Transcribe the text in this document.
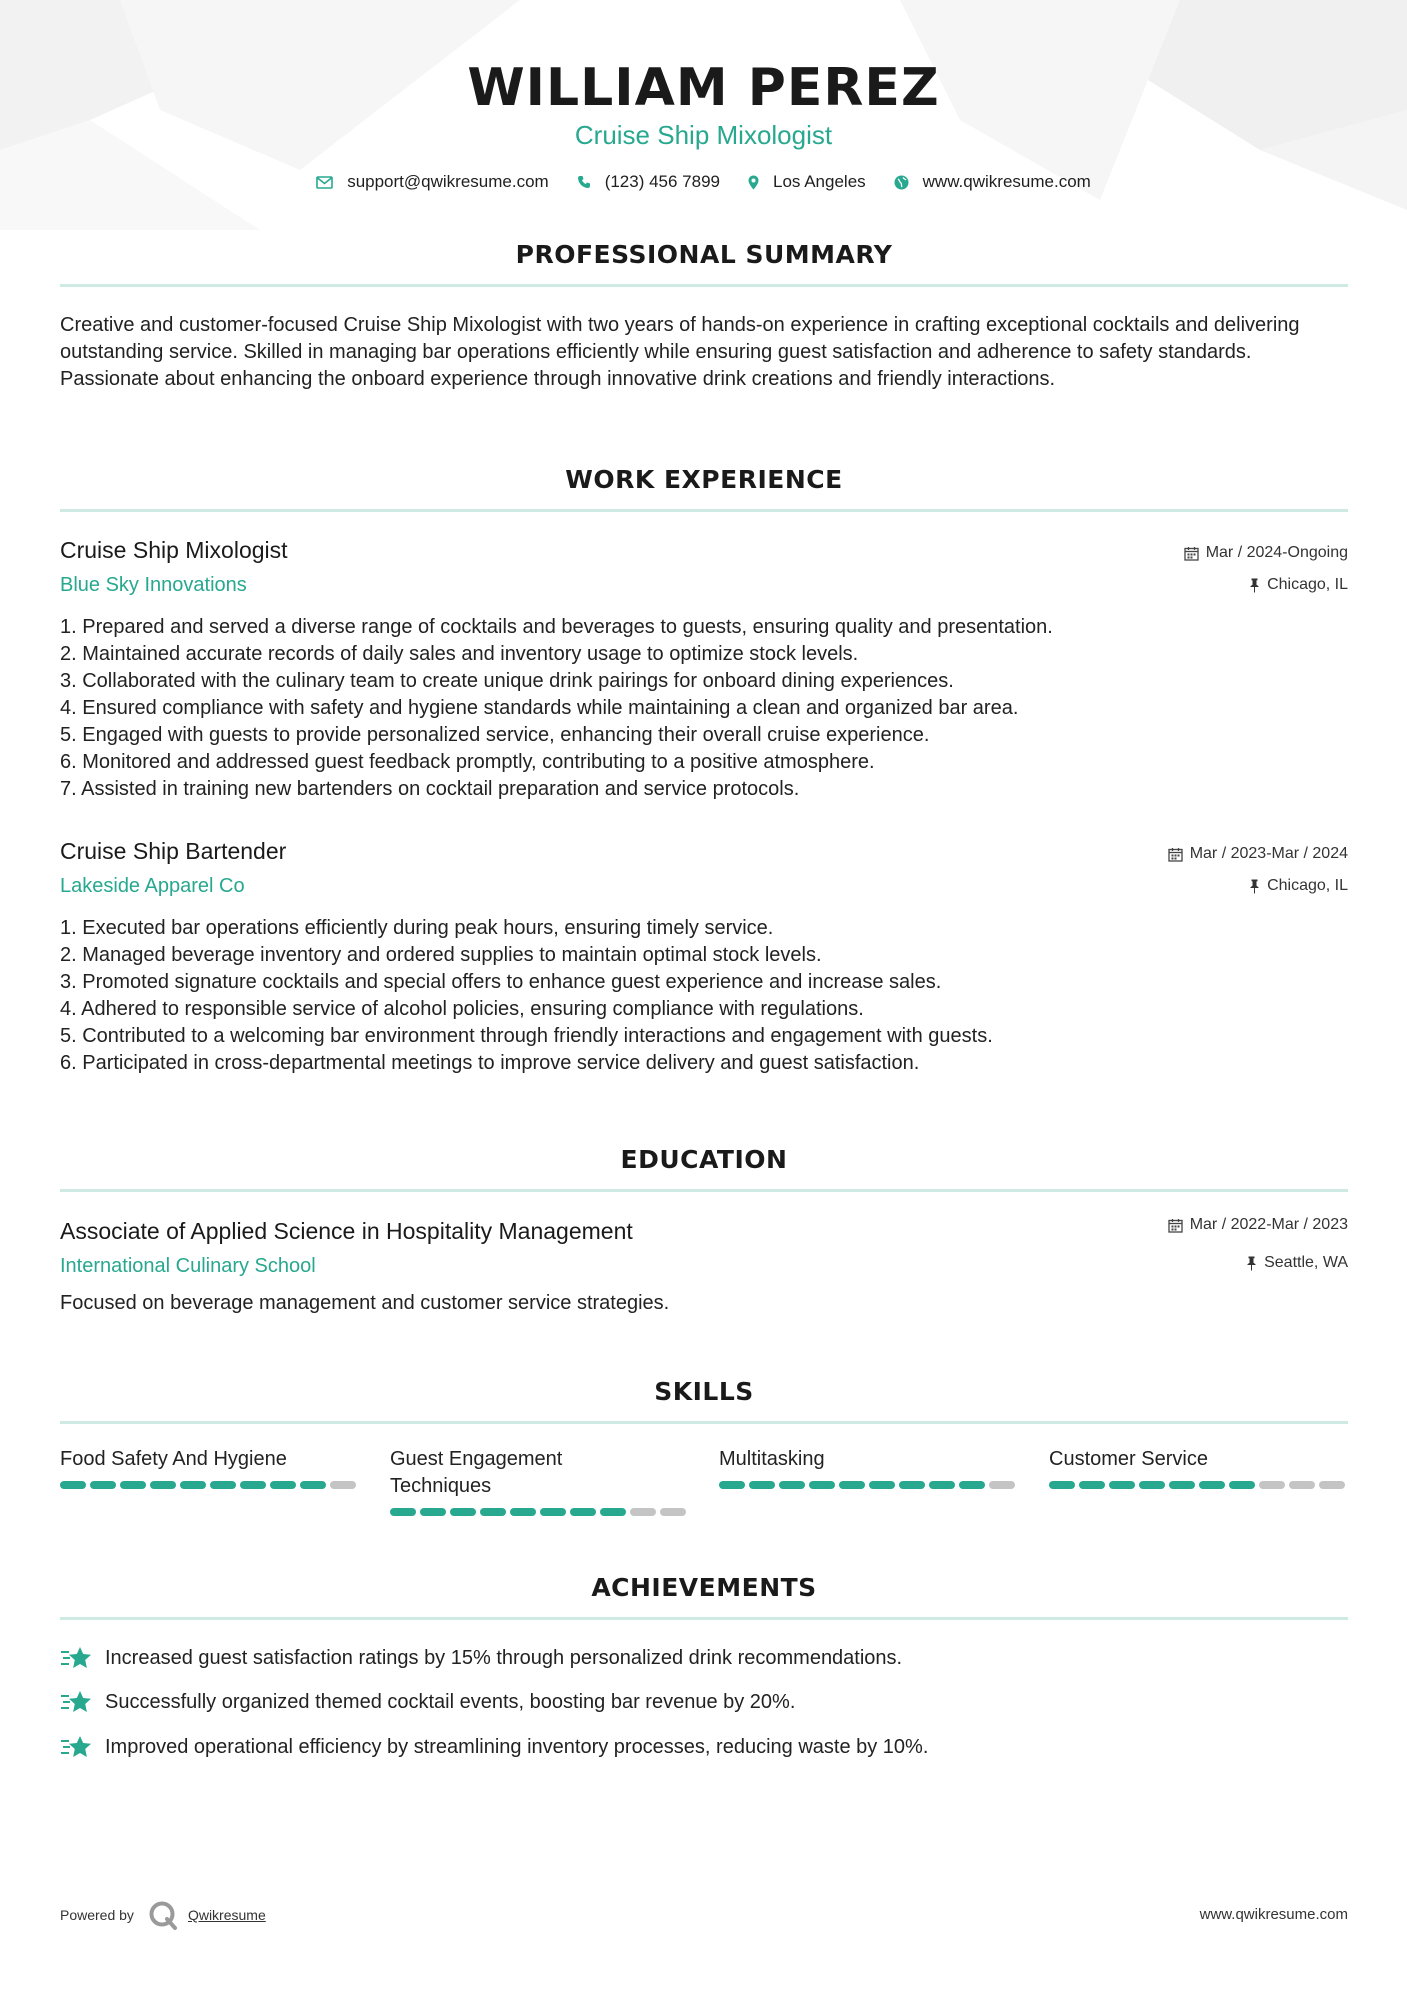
WILLIAM PEREZ
Cruise Ship Mixologist
support@qwikresume.com	(123) 456 7899	Los Angeles	www.qwikresume.com
PROFESSIONAL SUMMARY
Creative and customer-focused Cruise Ship Mixologist with two years of hands-on experience in crafting exceptional cocktails and delivering outstanding service. Skilled in managing bar operations efficiently while ensuring guest satisfaction and adherence to safety standards. Passionate about enhancing the onboard experience through innovative drink creations and friendly interactions.
WORK EXPERIENCE
Cruise Ship Mixologist
Blue Sky Innovations
Mar / 2024-Ongoing
Chicago, IL
1. Prepared and served a diverse range of cocktails and beverages to guests, ensuring quality and presentation.
2. Maintained accurate records of daily sales and inventory usage to optimize stock levels.
3. Collaborated with the culinary team to create unique drink pairings for onboard dining experiences.
4. Ensured compliance with safety and hygiene standards while maintaining a clean and organized bar area.
5. Engaged with guests to provide personalized service, enhancing their overall cruise experience.
6. Monitored and addressed guest feedback promptly, contributing to a positive atmosphere.
7. Assisted in training new bartenders on cocktail preparation and service protocols.
Cruise Ship Bartender
Lakeside Apparel Co
Mar / 2023-Mar / 2024
Chicago, IL
1. Executed bar operations efficiently during peak hours, ensuring timely service.
2. Managed beverage inventory and ordered supplies to maintain optimal stock levels.
3. Promoted signature cocktails and special offers to enhance guest experience and increase sales.
4. Adhered to responsible service of alcohol policies, ensuring compliance with regulations.
5. Contributed to a welcoming bar environment through friendly interactions and engagement with guests.
6. Participated in cross-departmental meetings to improve service delivery and guest satisfaction.
EDUCATION
Associate of Applied Science in Hospitality Management
International Culinary School
Mar / 2022-Mar / 2023
Seattle, WA
Focused on beverage management and customer service strategies.
SKILLS
Food Safety And Hygiene	Guest Engagement
Techniques
Multitasking	Customer Service
ACHIEVEMENTS
Increased guest satisfaction ratings by 15% through personalized drink recommendations.
Successfully organized themed cocktail events, boosting bar revenue by 20%.
Improved operational efficiency by streamlining inventory processes, reducing waste by 10%.
Powered by	Qwikresume	www.qwikresume.com
